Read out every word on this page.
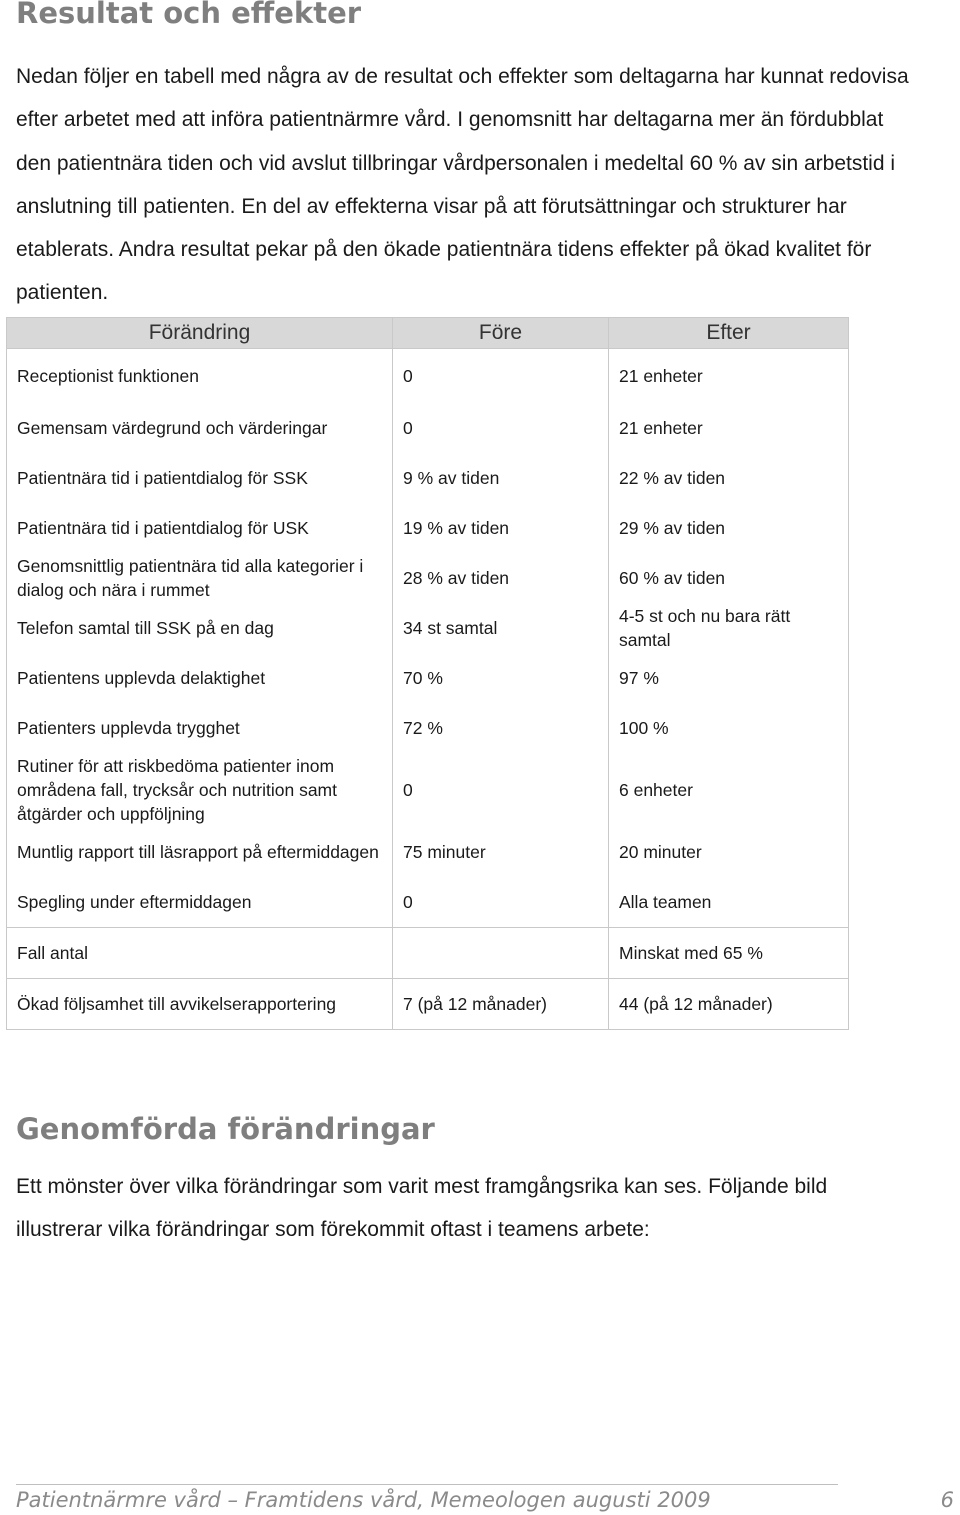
Resultat och effekter

Nedan följer en tabell med några av de resultat och effekter som deltagarna har kunnat redovisa efter arbetet med att införa patientnärmre vård. I genomsnitt har deltagarna mer än fördubblat den patientnära tiden och vid avslut tillbringar vårdpersonalen i medeltal 60 % av sin arbetstid i anslutning till patienten. En del av effekterna visar på att förutsättningar och strukturer har etablerats. Andra resultat pekar på den ökade patientnära tidens effekter på ökad kvalitet för patienten.

Förändring	Före	Efter
Receptionist funktionen	0	21 enheter
Gemensam värdegrund och värderingar	0	21 enheter
Patientnära tid i patientdialog för SSK	9 % av tiden	22 % av tiden
Patientnära tid i patientdialog för USK	19 % av tiden	29 % av tiden
Genomsnittlig patientnära tid alla kategorier i dialog och nära i rummet	28 % av tiden	60 % av tiden
Telefon samtal till SSK på en dag	34 st samtal	4-5 st och nu bara rätt samtal
Patientens upplevda delaktighet	70 %	97 %
Patienters upplevda trygghet	72 %	100 %
Rutiner för att riskbedöma patienter inom områdena fall, trycksår och nutrition samt åtgärder och uppföljning	0	6 enheter
Muntlig rapport till läsrapport på eftermiddagen	75 minuter	20 minuter
Spegling under eftermiddagen	0	Alla teamen
Fall antal		Minskat med 65 %
Ökad följsamhet till avvikelserapportering	7 (på 12 månader)	44 (på 12 månader)
Genomförda förändringar

Ett mönster över vilka förändringar som varit mest framgångsrika kan ses. Följande bild illustrerar vilka förändringar som förekommit oftast i teamens arbete:

Patientnärmre vård – Framtidens vård, Memeologen augusti 2009	6
